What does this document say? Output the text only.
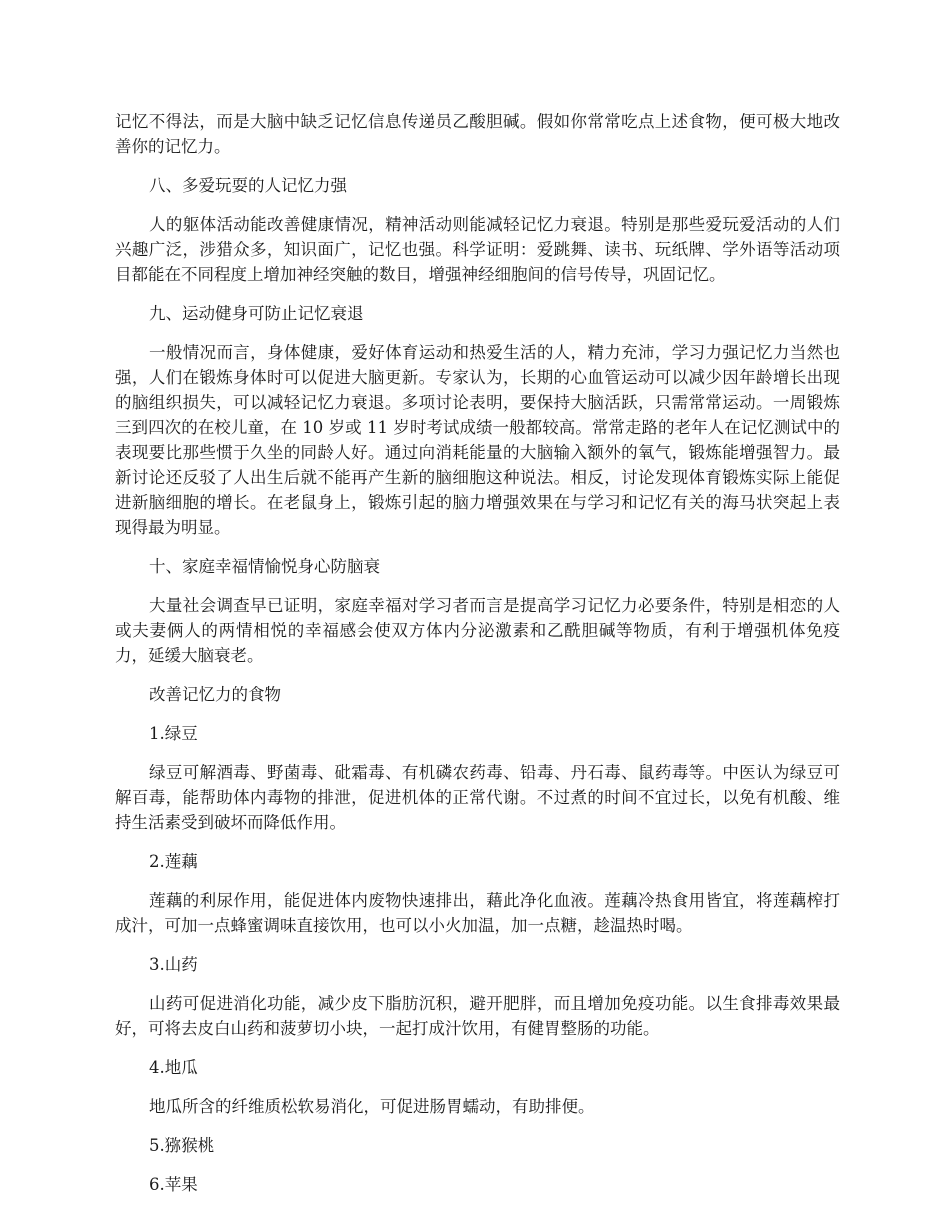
记忆不得法，而是大脑中缺乏记忆信息传递员乙酸胆碱。假如你常常吃点上述食物，便可极大地改善你的记忆力。

八、多爱玩耍的人记忆力强

人的躯体活动能改善健康情况，精神活动则能减轻记忆力衰退。特别是那些爱玩爱活动的人们兴趣广泛，涉猎众多，知识面广，记忆也强。科学证明：爱跳舞、读书、玩纸牌、学外语等活动项目都能在不同程度上增加神经突触的数目，增强神经细胞间的信号传导，巩固记忆。

九、运动健身可防止记忆衰退

一般情况而言，身体健康，爱好体育运动和热爱生活的人，精力充沛，学习力强记忆力当然也强，人们在锻炼身体时可以促进大脑更新。专家认为，长期的心血管运动可以减少因年龄增长出现的脑组织损失，可以减轻记忆力衰退。多项讨论表明，要保持大脑活跃，只需常常运动。一周锻炼三到四次的在校儿童，在 10 岁或 11 岁时考试成绩一般都较高。常常走路的老年人在记忆测试中的表现要比那些惯于久坐的同龄人好。通过向消耗能量的大脑输入额外的氧气，锻炼能增强智力。最新讨论还反驳了人出生后就不能再产生新的脑细胞这种说法。相反，讨论发现体育锻炼实际上能促进新脑细胞的增长。在老鼠身上，锻炼引起的脑力增强效果在与学习和记忆有关的海马状突起上表现得最为明显。

十、家庭幸福情愉悦身心防脑衰

大量社会调查早已证明，家庭幸福对学习者而言是提高学习记忆力必要条件，特别是相恋的人或夫妻俩人的两情相悦的幸福感会使双方体内分泌激素和乙酰胆碱等物质，有利于增强机体免疫力，延缓大脑衰老。

改善记忆力的食物

1.绿豆

绿豆可解酒毒、野菌毒、砒霜毒、有机磷农药毒、铅毒、丹石毒、鼠药毒等。中医认为绿豆可解百毒，能帮助体内毒物的排泄，促进机体的正常代谢。不过煮的时间不宜过长，以免有机酸、维持生活素受到破坏而降低作用。

2.莲藕

莲藕的利尿作用，能促进体内废物快速排出，藉此净化血液。莲藕冷热食用皆宜，将莲藕榨打成汁，可加一点蜂蜜调味直接饮用，也可以小火加温，加一点糖，趁温热时喝。

3.山药

山药可促进消化功能，减少皮下脂肪沉积，避开肥胖，而且增加免疫功能。以生食排毒效果最好，可将去皮白山药和菠萝切小块，一起打成汁饮用，有健胃整肠的功能。

4.地瓜

地瓜所含的纤维质松软易消化，可促进肠胃蠕动，有助排便。

5.猕猴桃

6.苹果
